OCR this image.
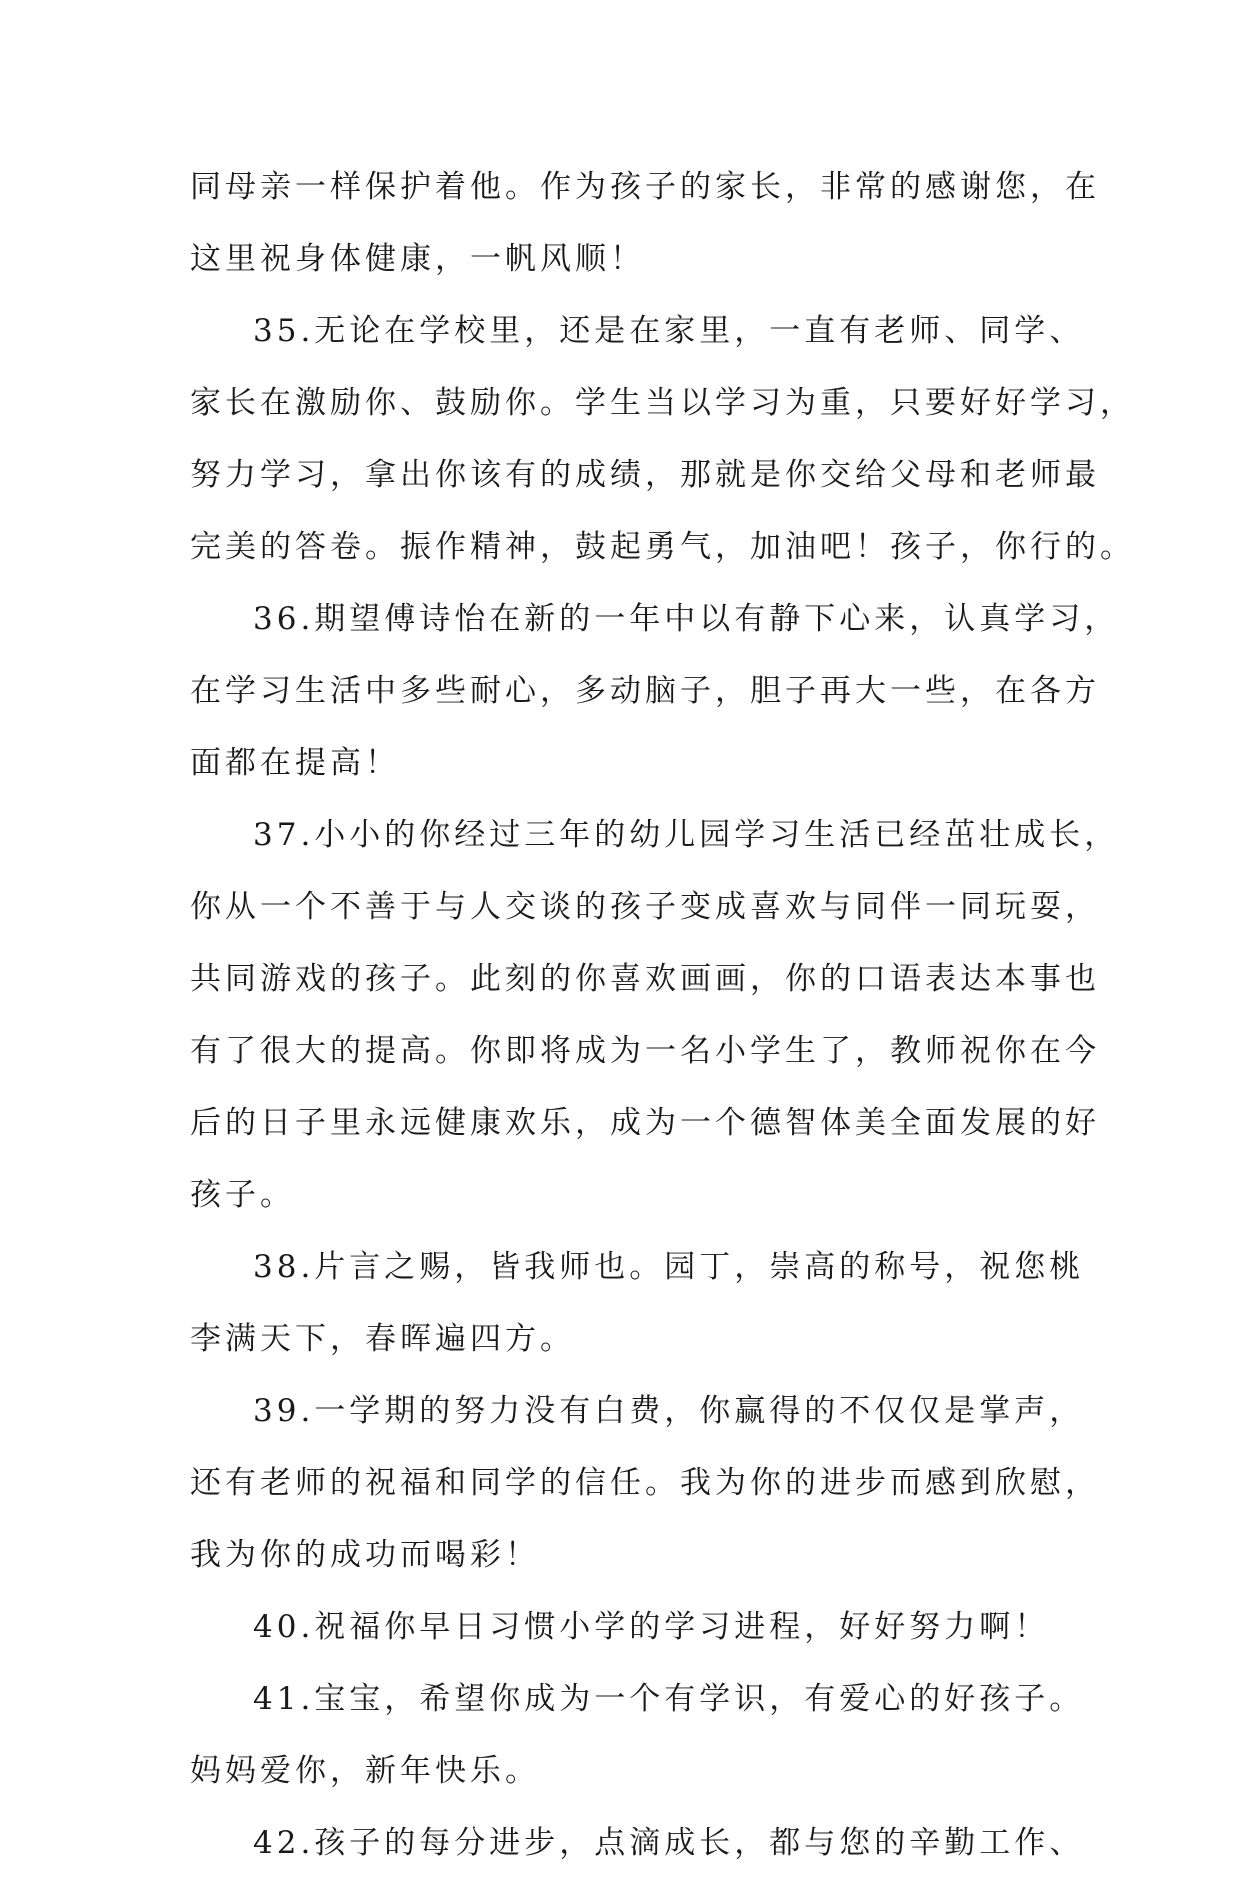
同母亲一样保护着他。作为孩子的家长，非常的感谢您，在
这里祝身体健康，一帆风顺！
35.无论在学校里，还是在家里，一直有老师、同学、
家长在激励你、鼓励你。学生当以学习为重，只要好好学习，
努力学习，拿出你该有的成绩，那就是你交给父母和老师最
完美的答卷。振作精神，鼓起勇气，加油吧！孩子，你行的。
36.期望傅诗怡在新的一年中以有静下心来，认真学习，
在学习生活中多些耐心，多动脑子，胆子再大一些，在各方
面都在提高！
37.小小的你经过三年的幼儿园学习生活已经茁壮成长，
你从一个不善于与人交谈的孩子变成喜欢与同伴一同玩耍，
共同游戏的孩子。此刻的你喜欢画画，你的口语表达本事也
有了很大的提高。你即将成为一名小学生了，教师祝你在今
后的日子里永远健康欢乐，成为一个德智体美全面发展的好
孩子。
38.片言之赐，皆我师也。园丁，崇高的称号，祝您桃
李满天下，春晖遍四方。
39.一学期的努力没有白费，你赢得的不仅仅是掌声，
还有老师的祝福和同学的信任。我为你的进步而感到欣慰，
我为你的成功而喝彩！
40.祝福你早日习惯小学的学习进程，好好努力啊！
41.宝宝，希望你成为一个有学识，有爱心的好孩子。
妈妈爱你，新年快乐。
42.孩子的每分进步，点滴成长，都与您的辛勤工作、
